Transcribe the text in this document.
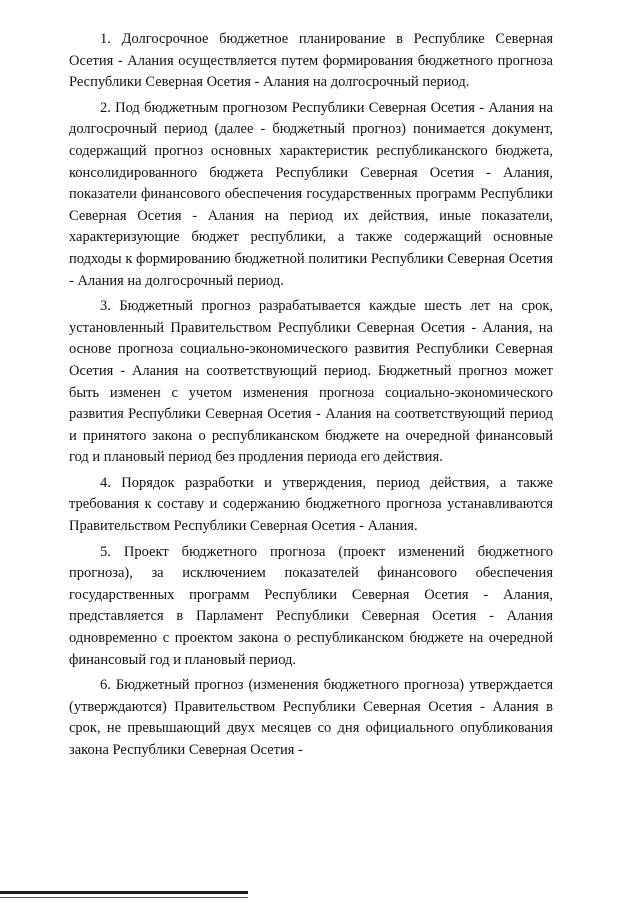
1. Долгосрочное бюджетное планирование в Республике Северная Осетия - Алания осуществляется путем формирования бюджетного прогноза Республики Северная Осетия - Алания на долгосрочный период.

2. Под бюджетным прогнозом Республики Северная Осетия - Алания на долгосрочный период (далее - бюджетный прогноз) понимается документ, содержащий прогноз основных характеристик республиканского бюджета, консолидированного бюджета Республики Северная Осетия - Алания, показатели финансового обеспечения государственных программ Республики Северная Осетия - Алания на период их действия, иные показатели, характеризующие бюджет республики, а также содержащий основные подходы к формированию бюджетной политики Республики Северная Осетия - Алания на долгосрочный период.

3. Бюджетный прогноз разрабатывается каждые шесть лет на срок, установленный Правительством Республики Северная Осетия - Алания, на основе прогноза социально-экономического развития Республики Северная Осетия - Алания на соответствующий период. Бюджетный прогноз может быть изменен с учетом изменения прогноза социально-экономического развития Республики Северная Осетия - Алания на соответствующий период и принятого закона о республиканском бюджете на очередной финансовый год и плановый период без продления периода его действия.

4. Порядок разработки и утверждения, период действия, а также требования к составу и содержанию бюджетного прогноза устанавливаются Правительством Республики Северная Осетия - Алания.

5. Проект бюджетного прогноза (проект изменений бюджетного прогноза), за исключением показателей финансового обеспечения государственных программ Республики Северная Осетия - Алания, представляется в Парламент Республики Северная Осетия - Алания одновременно с проектом закона о республиканском бюджете на очередной финансовый год и плановый период.

6. Бюджетный прогноз (изменения бюджетного прогноза) утверждается (утверждаются) Правительством Республики Северная Осетия - Алания в срок, не превышающий двух месяцев со дня официального опубликования закона Республики Северная Осетия -
